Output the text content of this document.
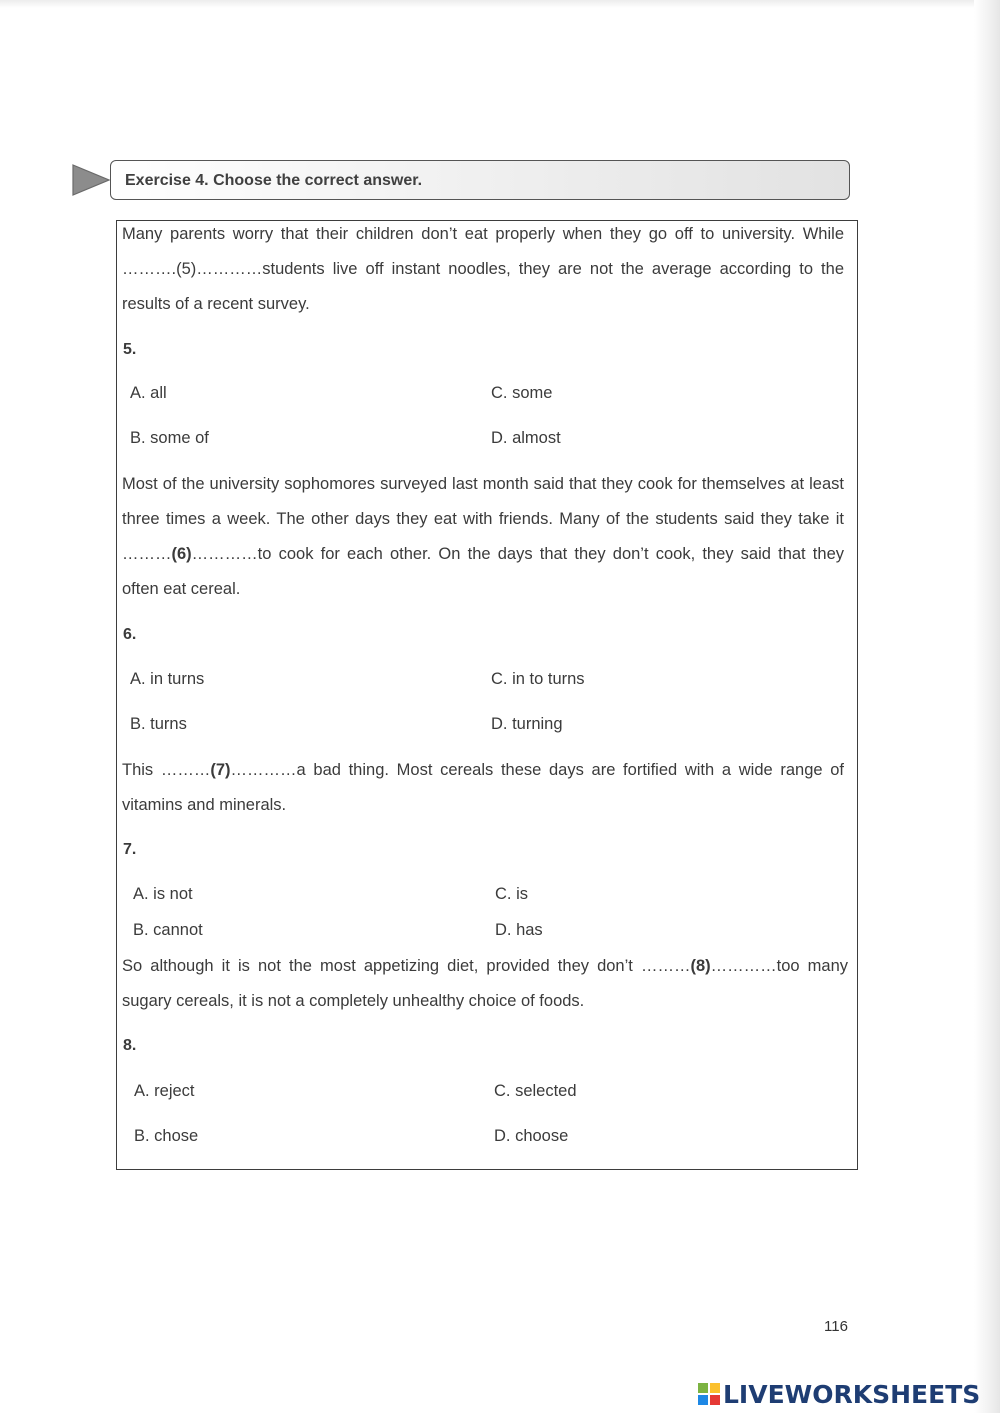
Exercise 4. Choose the correct answer.
Many parents worry that their children don’t eat properly when they go off to university. While ……….(5)…………students live off instant noodles, they are not the average according to the results of a recent survey.
5.
A. all	C. some
B. some of	D. almost
Most of the university sophomores surveyed last month said that they cook for themselves at least three times a week. The other days they eat with friends. Many of the students said they take it ………(6)…………to cook for each other. On the days that they don’t cook, they said that they often eat cereal.
6.
A. in turns	C. in to turns
B. turns	D. turning
This ………(7)…………a bad thing. Most cereals these days are fortified with a wide range of vitamins and minerals.
7.
A. is not	C. is
B. cannot	D. has
So although it is not the most appetizing diet, provided they don’t ………(8)…………too many sugary cereals, it is not a completely unhealthy choice of foods.
8.
A. reject	C. selected
B. chose	D. choose
116
LIVEWORKSHEETS
